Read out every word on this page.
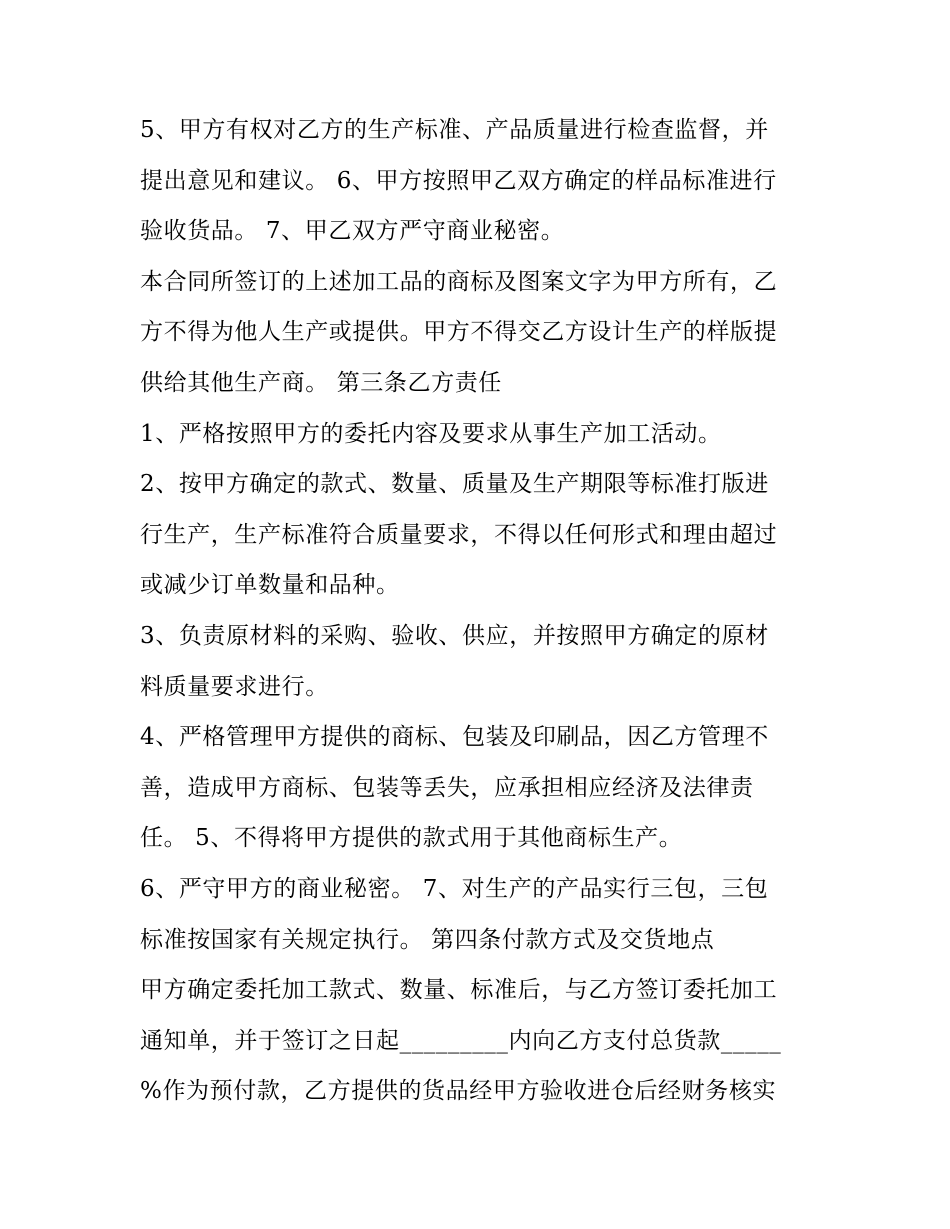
5、甲方有权对乙方的生产标准、产品质量进行检查监督，并
提出意见和建议。 6、甲方按照甲乙双方确定的样品标准进行
验收货品。 7、甲乙双方严守商业秘密。
本合同所签订的上述加工品的商标及图案文字为甲方所有，乙
方不得为他人生产或提供。甲方不得交乙方设计生产的样版提
供给其他生产商。 第三条乙方责任
1、严格按照甲方的委托内容及要求从事生产加工活动。
2、按甲方确定的款式、数量、质量及生产期限等标准打版进
行生产，生产标准符合质量要求，不得以任何形式和理由超过
或减少订单数量和品种。
3、负责原材料的采购、验收、供应，并按照甲方确定的原材
料质量要求进行。
4、严格管理甲方提供的商标、包装及印刷品，因乙方管理不
善，造成甲方商标、包装等丢失，应承担相应经济及法律责
任。 5、不得将甲方提供的款式用于其他商标生产。
6、严守甲方的商业秘密。 7、对生产的产品实行三包，三包
标准按国家有关规定执行。 第四条付款方式及交货地点
甲方确定委托加工款式、数量、标准后，与乙方签订委托加工
通知单，并于签订之日起_________内向乙方支付总货款_____
%作为预付款，乙方提供的货品经甲方验收进仓后经财务核实
